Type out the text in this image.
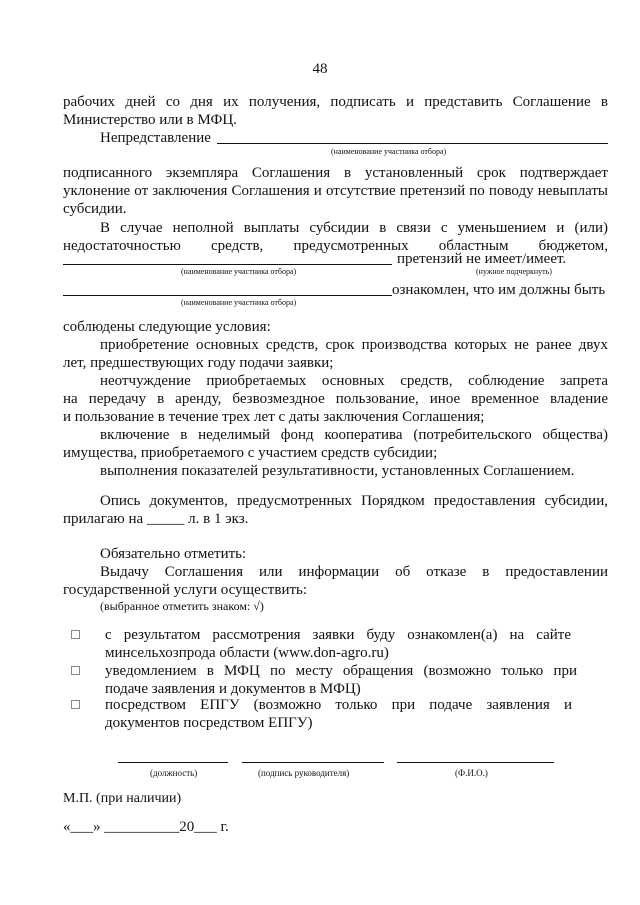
48
рабочих дней со дня их получения, подписать и представить Соглашение в
Министерство или в МФЦ.
Непредставление
(наименование участника отбора)
подписанного экземпляра Соглашения в установленный срок подтверждает
уклонение от заключения Соглашения и отсутствие претензий по поводу невыплаты
субсидии.
В случае неполной выплаты субсидии в связи с уменьшением и (или)
недостаточностью средств, предусмотренных областным бюджетом,
претензий не имеет/имеет.
(наименование участника отбора)	(нужное подчеркнуть)
ознакомлен, что им должны быть
(наименование участника отбора)
соблюдены следующие условия:
приобретение основных средств, срок производства которых не ранее двух
лет, предшествующих году подачи заявки;
неотчуждение приобретаемых основных средств, соблюдение запрета
на передачу в аренду, безвозмездное пользование, иное временное владение
и пользование в течение трех лет с даты заключения Соглашения;
включение в неделимый фонд кооператива (потребительского общества)
имущества, приобретаемого с участием средств субсидии;
выполнения показателей результативности, установленных Соглашением.
Опись документов, предусмотренных Порядком предоставления субсидии,
прилагаю на _____ л. в 1 экз.
Обязательно отметить:
Выдачу Соглашения или информации об отказе в предоставлении
государственной услуги осуществить:
(выбранное отметить знаком: √)
с результатом рассмотрения заявки буду ознакомлен(а) на сайте
минсельхозпрода области (www.don-agro.ru)
уведомлением в МФЦ по месту обращения (возможно только при
подаче заявления и документов в МФЦ)
посредством ЕПГУ (возможно только при подаче заявления и
документов посредством ЕПГУ)
(должность)	(подпись руководителя)	(Ф.И.О.)
М.П. (при наличии)
«___» __________20___ г.
